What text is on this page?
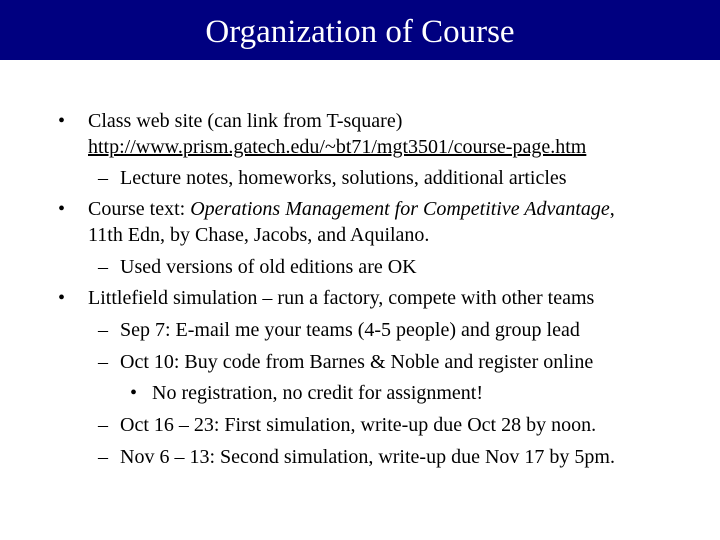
Organization of Course
• Class web site (can link from T-square)
http://www.prism.gatech.edu/~bt71/mgt3501/course-page.htm
– Lecture notes, homeworks, solutions, additional articles
• Course text: Operations Management for Competitive Advantage,
11th Edn, by Chase, Jacobs, and Aquilano.
– Used versions of old editions are OK
• Littlefield simulation – run a factory, compete with other teams
– Sep 7: E-mail me your teams (4-5 people) and group lead
– Oct 10: Buy code from Barnes & Noble and register online
• No registration, no credit for assignment!
– Oct 16 – 23: First simulation, write-up due Oct 28 by noon.
– Nov 6 – 13: Second simulation, write-up due Nov 17 by 5pm.
